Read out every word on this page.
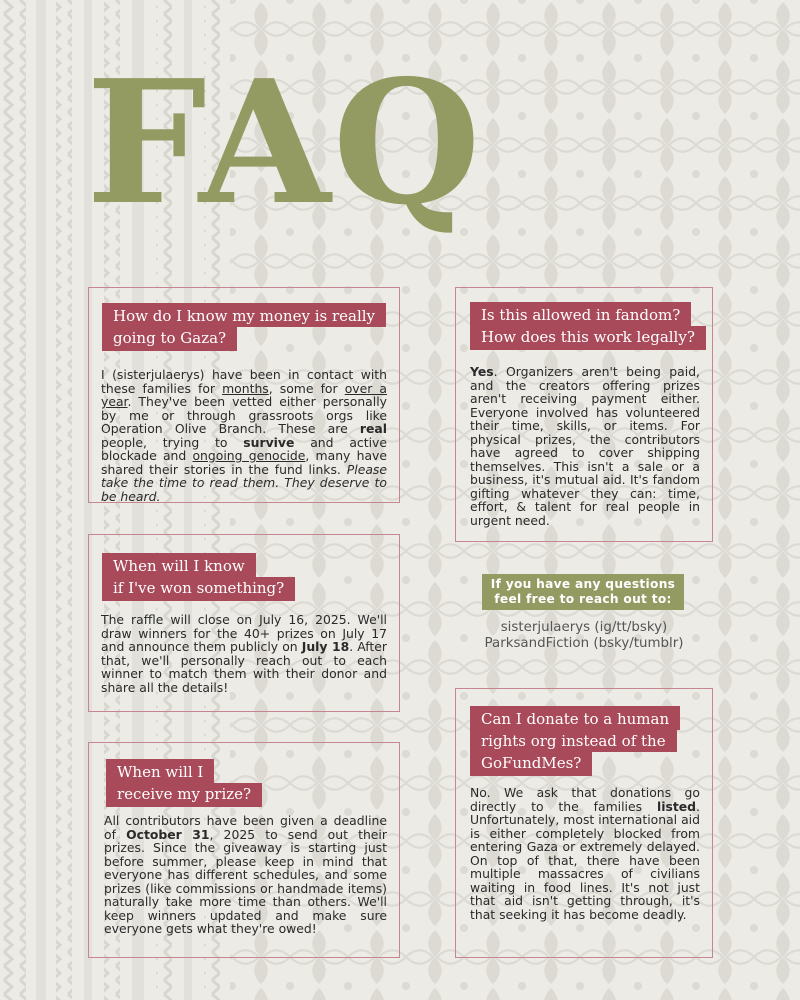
FAQ
How do I know my money is really
going to Gaza?

I (sisterjulaerys) have been in contact with these families for months, some for over a year. They've been vetted either personally by me or through grassroots orgs like Operation Olive Branch. These are real people, trying to survive and active blockade and ongoing genocide, many have shared their stories in the fund links. Please take the time to read them. They deserve to be heard.

When will I know
if I've won something?

The raffle will close on July 16, 2025. We'll draw winners for the 40+ prizes on July 17 and announce them publicly on July 18. After that, we'll personally reach out to each winner to match them with their donor and share all the details!

When will I
receive my prize?

All contributors have been given a deadline of October 31, 2025 to send out their prizes. Since the giveaway is starting just before summer, please keep in mind that everyone has different schedules, and some prizes (like commissions or handmade items) naturally take more time than others. We'll keep winners updated and make sure everyone gets what they're owed!

Is this allowed in fandom?
How does this work legally?

Yes. Organizers aren't being paid, and the creators offering prizes aren't receiving payment either. Everyone involved has volunteered their time, skills, or items. For physical prizes, the contributors have agreed to cover shipping themselves. This isn't a sale or a business, it's mutual aid. It's fandom gifting whatever they can: time, effort, & talent for real people in urgent need.

If you have any questions
feel free to reach out to:
sisterjulaerys (ig/tt/bsky)
ParksandFiction (bsky/tumblr)
Can I donate to a human
rights org instead of the
GoFundMes?

No. We ask that donations go directly to the families listed. Unfortunately, most international aid is either completely blocked from entering Gaza or extremely delayed. On top of that, there have been multiple massacres of civilians waiting in food lines. It's not just that aid isn't getting through, it's that seeking it has become deadly.
